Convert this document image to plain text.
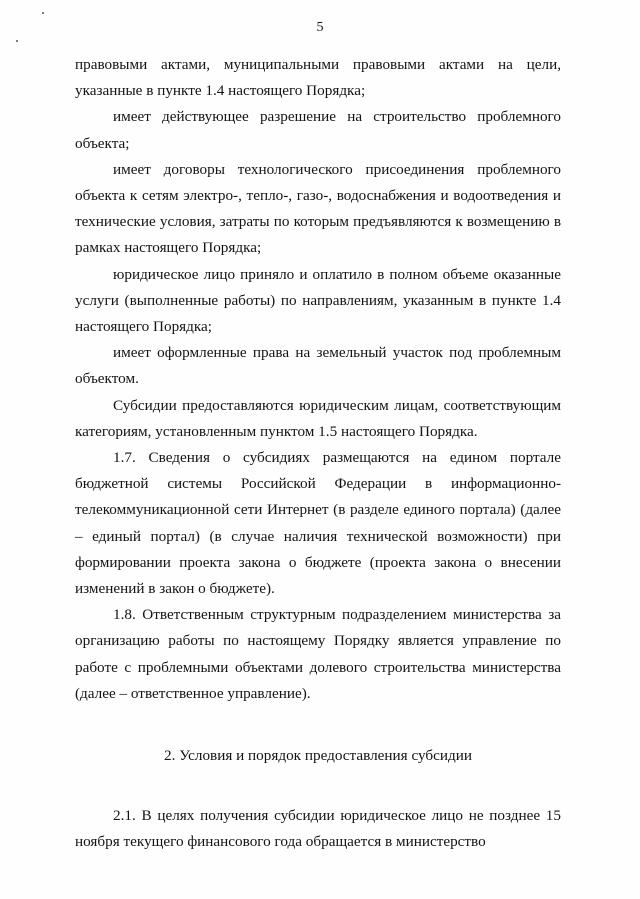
5

правовыми актами, муниципальными правовыми актами на цели, указанные в пункте 1.4 настоящего Порядка;

имеет действующее разрешение на строительство проблемного объекта;

имеет договоры технологического присоединения проблемного объекта к сетям электро-, тепло-, газо-, водоснабжения и водоотведения и технические условия, затраты по которым предъявляются к возмещению в рамках настоящего Порядка;

юридическое лицо приняло и оплатило в полном объеме оказанные услуги (выполненные работы) по направлениям, указанным в пункте 1.4 настоящего Порядка;

имеет оформленные права на земельный участок под проблемным объектом.

Субсидии предоставляются юридическим лицам, соответствующим категориям, установленным пунктом 1.5 настоящего Порядка.

1.7. Сведения о субсидиях размещаются на едином портале бюджетной системы Российской Федерации в информационно-телекоммуникационной сети Интернет (в разделе единого портала) (далее – единый портал) (в случае наличия технической возможности) при формировании проекта закона о бюджете (проекта закона о внесении изменений в закон о бюджете).

1.8. Ответственным структурным подразделением министерства за организацию работы по настоящему Порядку является управление по работе с проблемными объектами долевого строительства министерства (далее – ответственное управление).

2. Условия и порядок предоставления субсидии

2.1. В целях получения субсидии юридическое лицо не позднее 15 ноября текущего финансового года обращается в министерство
